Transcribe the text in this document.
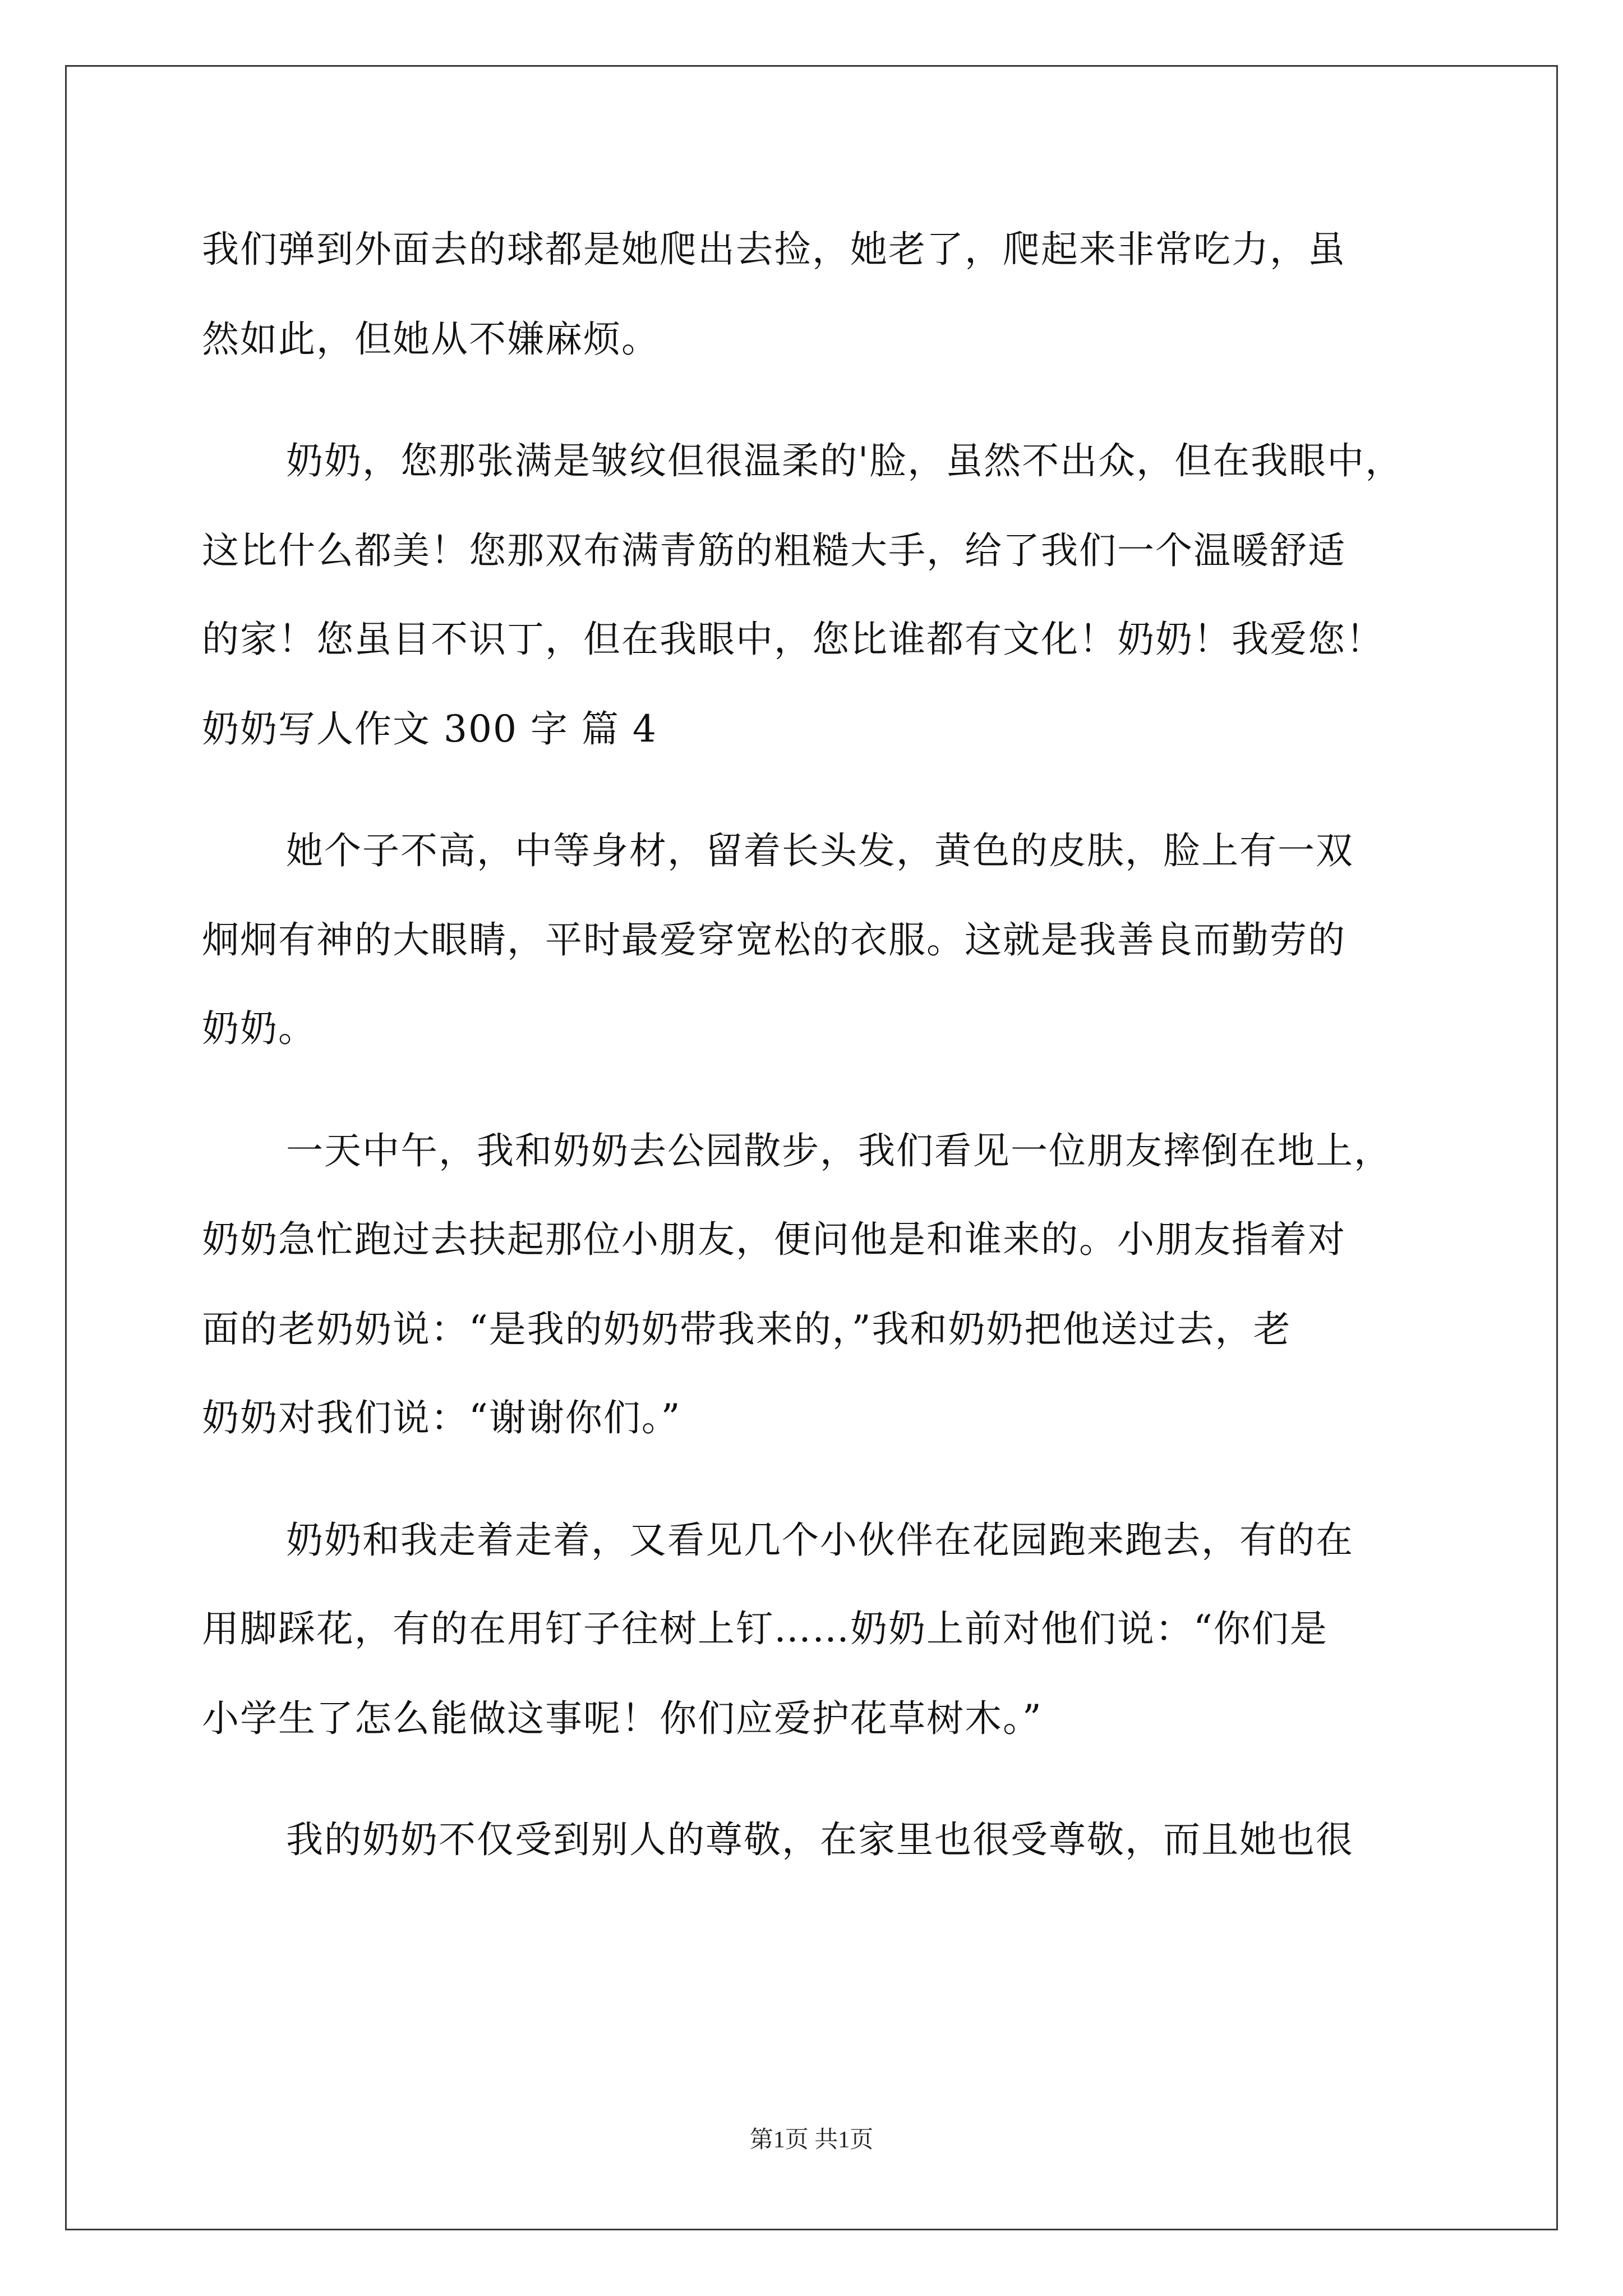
我们弹到外面去的球都是她爬出去捡，她老了，爬起来非常吃力，虽
然如此，但她从不嫌麻烦。
奶奶，您那张满是皱纹但很温柔的'脸，虽然不出众，但在我眼中，
这比什么都美！您那双布满青筋的粗糙大手，给了我们一个温暖舒适
的家！您虽目不识丁，但在我眼中，您比谁都有文化！奶奶！我爱您！
奶奶写人作文 300 字 篇 4
她个子不高，中等身材，留着长头发，黄色的皮肤，脸上有一双
炯炯有神的大眼睛，平时最爱穿宽松的衣服。这就是我善良而勤劳的
奶奶。
一天中午，我和奶奶去公园散步，我们看见一位朋友摔倒在地上，
奶奶急忙跑过去扶起那位小朋友，便问他是和谁来的。小朋友指着对
面的老奶奶说：“是我的奶奶带我来的，”我和奶奶把他送过去，老
奶奶对我们说：“谢谢你们。”
奶奶和我走着走着，又看见几个小伙伴在花园跑来跑去，有的在
用脚踩花，有的在用钉子往树上钉……奶奶上前对他们说：“你们是
小学生了怎么能做这事呢！你们应爱护花草树木。”
我的奶奶不仅受到别人的尊敬，在家里也很受尊敬，而且她也很
第1页 共1页
